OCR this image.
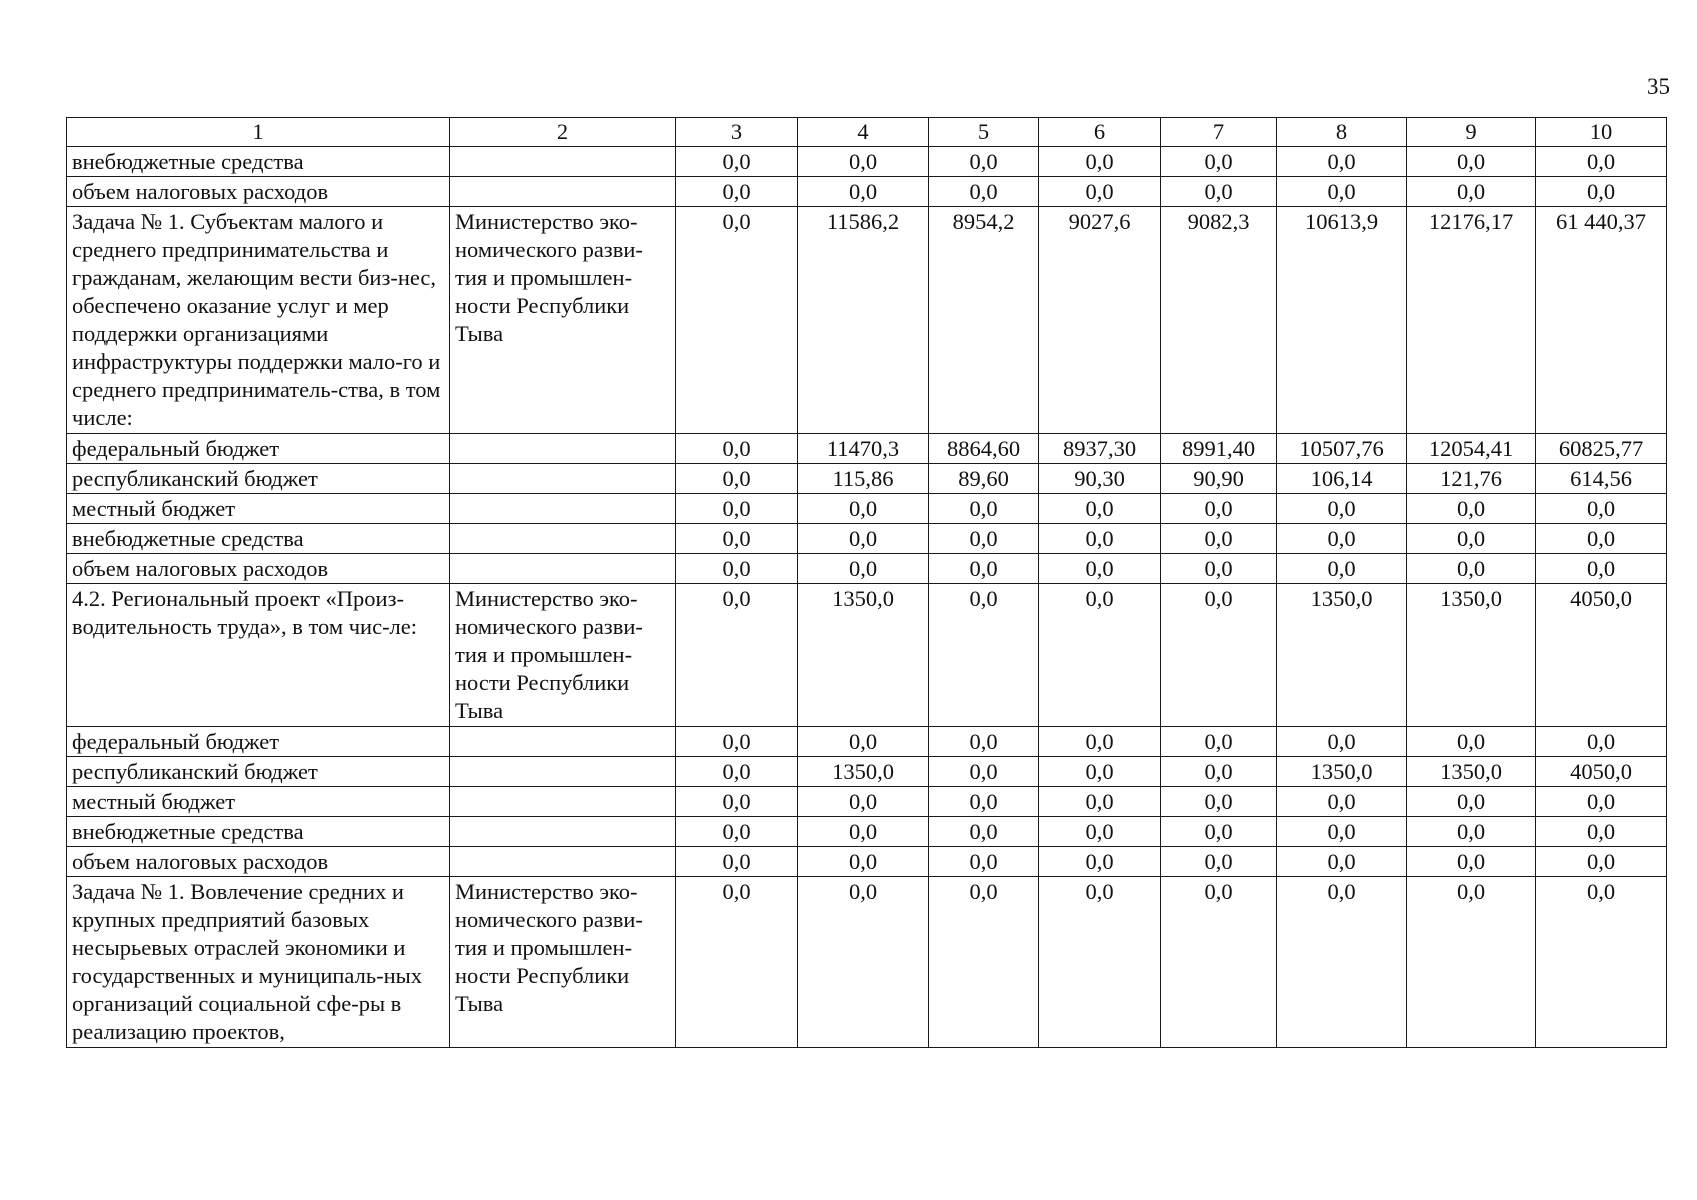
35
1	2	3	4	5	6	7	8	9	10
внебюджетные средства		0,0	0,0	0,0	0,0	0,0	0,0	0,0	0,0
объем налоговых расходов		0,0	0,0	0,0	0,0	0,0	0,0	0,0	0,0
Задача № 1. Субъектам малого и среднего предпринимательства и гражданам, желающим вести биз-нес, обеспечено оказание услуг и мер поддержки организациями инфраструктуры поддержки мало-го и среднего предприниматель-ства, в том числе:	Министерство эко-номического разви-тия и промышлен-ности Республики Тыва	0,0	11586,2	8954,2	9027,6	9082,3	10613,9	12176,17	61 440,37
федеральный бюджет		0,0	11470,3	8864,60	8937,30	8991,40	10507,76	12054,41	60825,77
республиканский бюджет		0,0	115,86	89,60	90,30	90,90	106,14	121,76	614,56
местный бюджет		0,0	0,0	0,0	0,0	0,0	0,0	0,0	0,0
внебюджетные средства		0,0	0,0	0,0	0,0	0,0	0,0	0,0	0,0
объем налоговых расходов		0,0	0,0	0,0	0,0	0,0	0,0	0,0	0,0
4.2. Региональный проект «Произ-водительность труда», в том чис-ле:	Министерство эко-номического разви-тия и промышлен-ности Республики Тыва	0,0	1350,0	0,0	0,0	0,0	1350,0	1350,0	4050,0
федеральный бюджет		0,0	0,0	0,0	0,0	0,0	0,0	0,0	0,0
республиканский бюджет		0,0	1350,0	0,0	0,0	0,0	1350,0	1350,0	4050,0
местный бюджет		0,0	0,0	0,0	0,0	0,0	0,0	0,0	0,0
внебюджетные средства		0,0	0,0	0,0	0,0	0,0	0,0	0,0	0,0
объем налоговых расходов		0,0	0,0	0,0	0,0	0,0	0,0	0,0	0,0
Задача № 1. Вовлечение средних и крупных предприятий базовых несырьевых отраслей экономики и государственных и муниципаль-ных организаций социальной сфе-ры в реализацию проектов,	Министерство эко-номического разви-тия и промышлен-ности Республики Тыва	0,0	0,0	0,0	0,0	0,0	0,0	0,0	0,0
